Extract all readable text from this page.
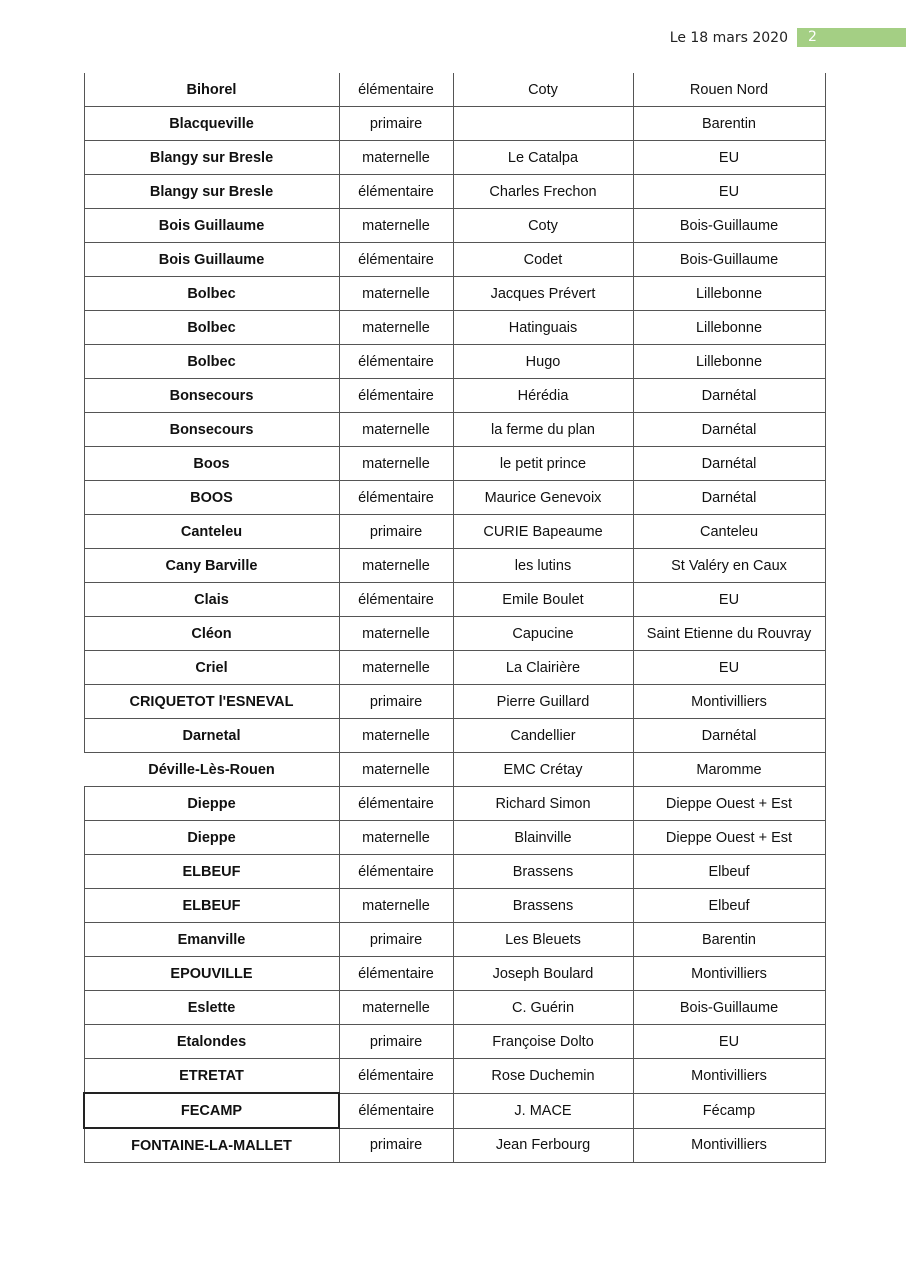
Le 18 mars 2020	2
Bihorel	élémentaire	Coty	Rouen Nord
Blacqueville	primaire		Barentin
Blangy sur Bresle	maternelle	Le Catalpa	EU
Blangy sur Bresle	élémentaire	Charles Frechon	EU
Bois Guillaume	maternelle	Coty	Bois-Guillaume
Bois Guillaume	élémentaire	Codet	Bois-Guillaume
Bolbec	maternelle	Jacques Prévert	Lillebonne
Bolbec	maternelle	Hatinguais	Lillebonne
Bolbec	élémentaire	Hugo	Lillebonne
Bonsecours	élémentaire	Hérédia	Darnétal
Bonsecours	maternelle	la ferme du plan	Darnétal
Boos	maternelle	le petit prince	Darnétal
BOOS	élémentaire	Maurice Genevoix	Darnétal
Canteleu	primaire	CURIE Bapeaume	Canteleu
Cany Barville	maternelle	les lutins	St Valéry en Caux
Clais	élémentaire	Emile Boulet	EU
Cléon	maternelle	Capucine	Saint Etienne du Rouvray
Criel	maternelle	La Clairière	EU
CRIQUETOT l'ESNEVAL	primaire	Pierre Guillard	Montivilliers
Darnetal	maternelle	Candellier	Darnétal
Déville-Lès-Rouen	maternelle	EMC Crétay	Maromme
Dieppe	élémentaire	Richard Simon	Dieppe Ouest + Est
Dieppe	maternelle	Blainville	Dieppe Ouest + Est
ELBEUF	élémentaire	Brassens	Elbeuf
ELBEUF	maternelle	Brassens	Elbeuf
Emanville	primaire	Les Bleuets	Barentin
EPOUVILLE	élémentaire	Joseph Boulard	Montivilliers
Eslette	maternelle	C. Guérin	Bois-Guillaume
Etalondes	primaire	Françoise Dolto	EU
ETRETAT	élémentaire	Rose Duchemin	Montivilliers
FECAMP	élémentaire	J. MACE	Fécamp
FONTAINE-LA-MALLET	primaire	Jean Ferbourg	Montivilliers
